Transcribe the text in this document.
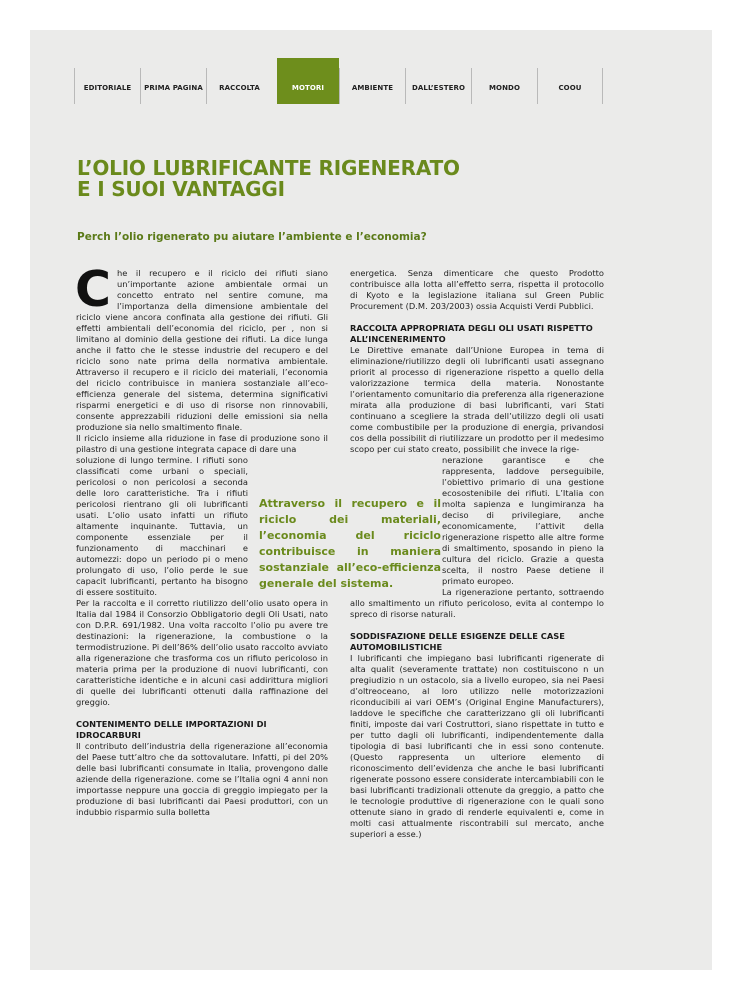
EDITORIALE	PRIMA PAGINA	RACCOLTA	MOTORI	AMBIENTE	DALL’ESTERO	MONDO	COOU
L’OLIO LUBRIFICANTE RIGENERATO
E I SUOI VANTAGGI
Perch l’olio rigenerato pu aiutare l’ambiente e l’economia?

Che il recupero e il riciclo dei rifiuti siano un’importante azione ambientale ormai un concetto entrato nel sentire comune, ma l’importanza della dimensione ambientale del riciclo viene ancora confinata alla gestione dei rifiuti. Gli effetti ambientali dell’economia del riciclo, per , non si limitano al dominio della gestione dei rifiuti. La dice lunga anche il fatto che le stesse industrie del recupero e del riciclo sono nate prima della normativa ambientale. Attraverso il recupero e il riciclo dei materiali, l’economia del riciclo contribuisce in maniera sostanziale all’eco-efficienza generale del sistema, determina significativi risparmi energetici e di uso di risorse non rinnovabili, consente apprezzabili riduzioni delle emissioni sia nella produzione sia nello smaltimento finale.

Il riciclo insieme alla riduzione in fase di produzione sono il pilastro di una gestione integrata capace di dare una

soluzione di lungo termine. I rifiuti sono classificati come urbani o speciali, pericolosi o non pericolosi a seconda delle loro caratteristiche. Tra i rifiuti pericolosi rientrano gli oli lubrificanti usati. L’olio usato infatti un rifiuto altamente inquinante. Tuttavia, un componente essenziale per il funzionamento di macchinari e automezzi: dopo un periodo pi o meno prolungato di uso, l’olio perde le sue capacit lubrificanti, pertanto ha bisogno di essere sostituito.

Per la raccolta e il corretto riutilizzo dell’olio usato opera in Italia dal 1984 il Consorzio Obbligatorio degli Oli Usati, nato con D.P.R. 691/1982. Una volta raccolto l’olio pu avere tre destinazioni: la rigenerazione, la combustione o la termodistruzione. Pi dell’86% dell’olio usato raccolto avviato alla rigenerazione che trasforma cos un rifiuto pericoloso in materia prima per la produzione di nuovi lubrificanti, con caratteristiche identiche e in alcuni casi addirittura migliori di quelle dei lubrificanti ottenuti dalla raffinazione del greggio.

CONTENIMENTO DELLE IMPORTAZIONI DI IDROCARBURI

Il contributo dell’industria della rigenerazione all’economia del Paese tutt’altro che da sottovalutare. Infatti, pi del 20% delle basi lubrificanti consumate in Italia, provengono dalle aziende della rigenerazione. come se l’Italia ogni 4 anni non importasse neppure una goccia di greggio impiegato per la produzione di basi lubrificanti dai Paesi produttori, con un indubbio risparmio sulla bolletta

energetica. Senza dimenticare che questo Prodotto contribuisce alla lotta all’effetto serra, rispetta il protocollo di Kyoto e la legislazione italiana sul Green Public Procurement (D.M. 203/2003) ossia Acquisti Verdi Pubblici.

RACCOLTA APPROPRIATA DEGLI OLI USATI RISPETTO ALL’INCENERIMENTO

Le Direttive emanate dall’Unione Europea in tema di eliminazione/riutilizzo degli oli lubrificanti usati assegnano priorit al processo di rigenerazione rispetto a quello della valorizzazione termica della materia. Nonostante l’orientamento comunitario dia preferenza alla rigenerazione mirata alla produzione di basi lubrificanti, vari Stati continuano a scegliere la strada dell’utilizzo degli oli usati come combustibile per la produzione di energia, privandosi cos della possibilit di riutilizzare un prodotto per il medesimo scopo per cui stato creato, possibilit che invece la rige-

nerazione garantisce e che rappresenta, laddove perseguibile, l’obiettivo primario di una gestione ecosostenibile dei rifiuti. L’Italia con molta sapienza e lungimiranza ha deciso di privilegiare, anche economicamente, l’attivit della rigenerazione rispetto alle altre forme di smaltimento, sposando in pieno la cultura del riciclo. Grazie a questa scelta, il nostro Paese detiene il primato europeo.

La rigenerazione pertanto, sottraendo allo smaltimento un rifiuto pericoloso, evita al contempo lo spreco di risorse naturali.

SODDISFAZIONE DELLE ESIGENZE DELLE CASE AUTOMOBILISTICHE

I lubrificanti che impiegano basi lubrificanti rigenerate di alta qualit (severamente trattate) non costituiscono n un pregiudizio n un ostacolo, sia a livello europeo, sia nei Paesi d’oltreoceano, al loro utilizzo nelle motorizzazioni riconducibili ai vari OEM’s (Original Engine Manufacturers), laddove le specifiche che caratterizzano gli oli lubrificanti finiti, imposte dai vari Costruttori, siano rispettate in tutto e per tutto dagli oli lubrificanti, indipendentemente dalla tipologia di basi lubrificanti che in essi sono contenute. (Questo rappresenta un ulteriore elemento di riconoscimento dell’evidenza che anche le basi lubrificanti rigenerate possono essere considerate intercambiabili con le basi lubrificanti tradizionali ottenute da greggio, a patto che le tecnologie produttive di rigenerazione con le quali sono ottenute siano in grado di renderle equivalenti e, come in molti casi attualmente riscontrabili sul mercato, anche superiori a esse.)

Attraverso il recupero e il riciclo dei materiali, l’economia del riciclo contribuisce in maniera sostanziale all’eco-efficienza generale del sistema.
